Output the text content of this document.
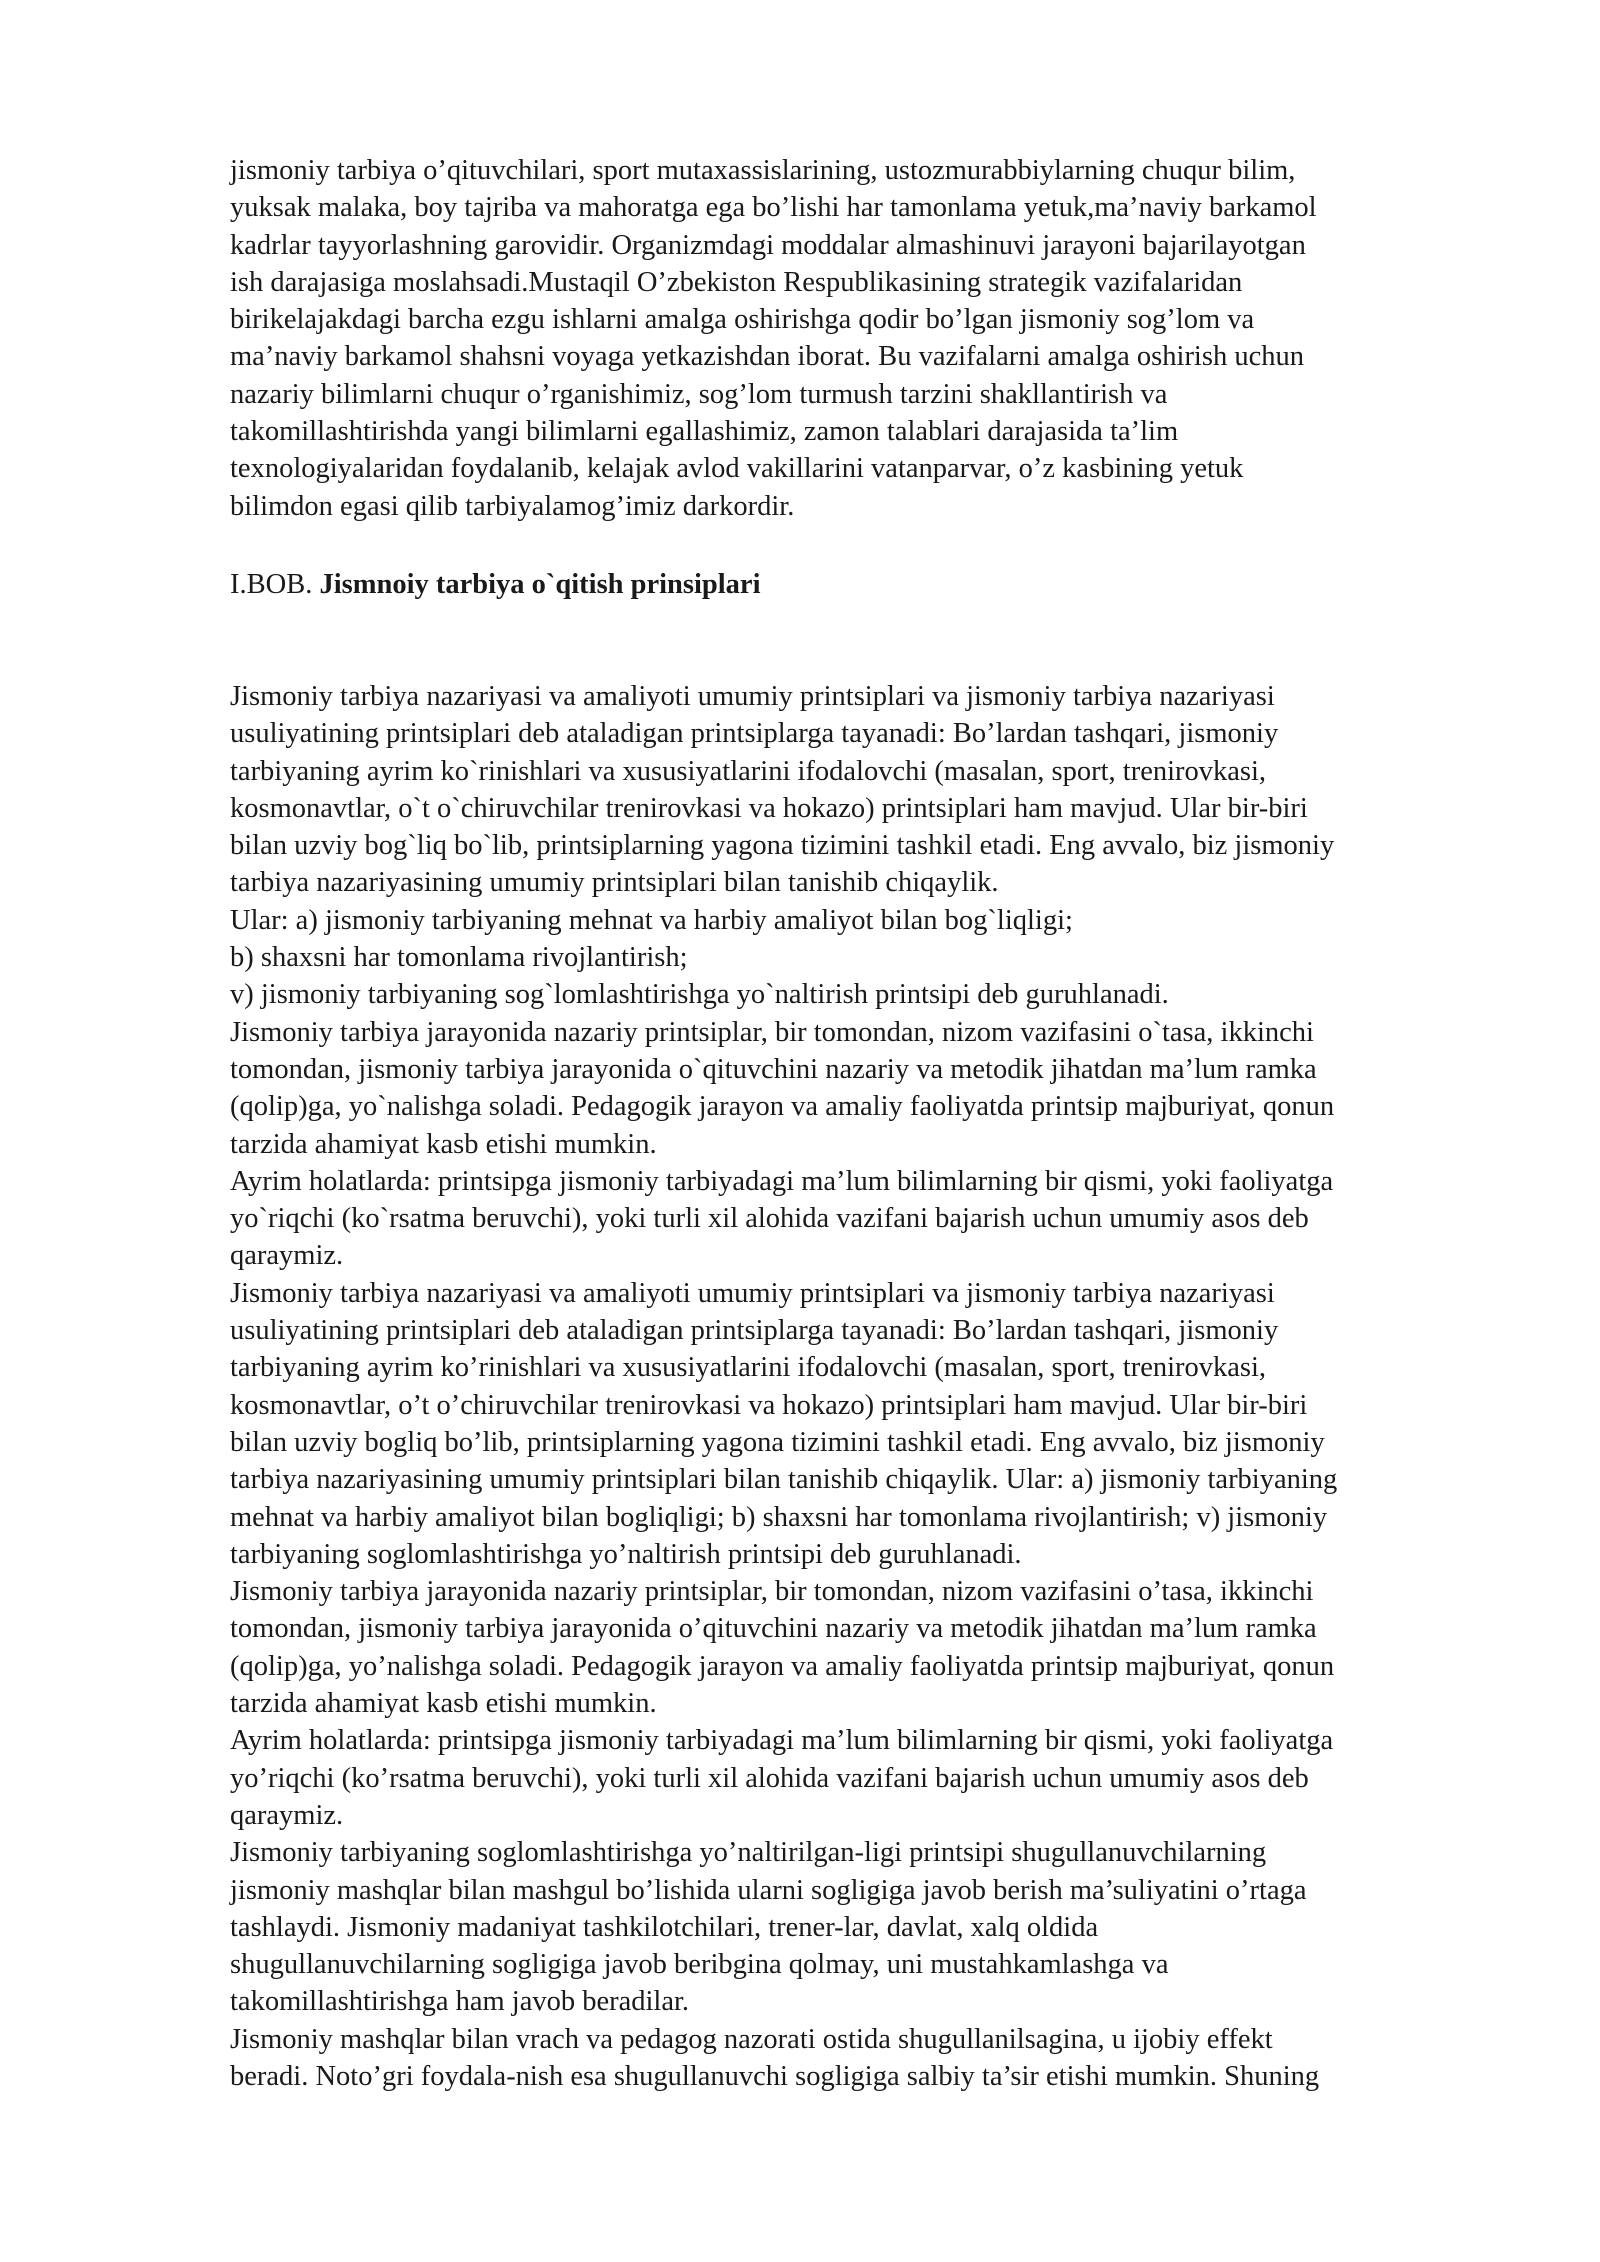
jismoniy tarbiya o’qituvchilari, sport mutaxassislarining, ustozmurabbiylarning chuqur bilim,
yuksak malaka, boy tajriba va mahoratga ega bo’lishi har tamonlama yetuk,ma’naviy barkamol
kadrlar tayyorlashning garovidir. Organizmdagi moddalar almashinuvi jarayoni bajarilayotgan
ish darajasiga moslahsadi.Mustaqil O’zbekiston Respublikasining strategik vazifalaridan
birikelajakdagi barcha ezgu ishlarni amalga oshirishga qodir bo’lgan jismoniy sog’lom va
ma’naviy barkamol shahsni voyaga yetkazishdan iborat. Bu vazifalarni amalga oshirish uchun
nazariy bilimlarni chuqur o’rganishimiz, sog’lom turmush tarzini shakllantirish va
takomillashtirishda yangi bilimlarni egallashimiz, zamon talablari darajasida ta’lim
texnologiyalaridan foydalanib, kelajak avlod vakillarini vatanparvar, o’z kasbining yetuk
bilimdon egasi qilib tarbiyalamog’imiz darkordir.
I.BOB. Jismnoiy tarbiya o`qitish prinsiplari
Jismoniy tarbiya nazariyasi va amaliyoti umumiy printsiplari va jismoniy tarbiya nazariyasi
usuliyatining printsiplari deb ataladigan printsiplarga tayanadi: Bo’lardan tashqari, jismoniy
tarbiyaning ayrim ko`rinishlari va xususiyatlarini ifodalovchi (masalan, sport, trenirovkasi,
kosmonavtlar, o`t o`chiruvchilar trenirovkasi va hokazo) printsiplari ham mavjud. Ular bir-biri
bilan uzviy bog`liq bo`lib, printsiplarning yagona tizimini tashkil etadi. Eng avvalo, biz jismoniy
tarbiya nazariyasining umumiy printsiplari bilan tanishib chiqaylik.
Ular: a) jismoniy tarbiyaning mehnat va harbiy amaliyot bilan bog`liqligi;
b) shaxsni har tomonlama rivojlantirish;
v) jismoniy tarbiyaning sog`lomlashtirishga yo`naltirish printsipi deb guruhlanadi.
Jismoniy tarbiya jarayonida nazariy printsiplar, bir tomondan, nizom vazifasini o`tasa, ikkinchi
tomondan, jismoniy tarbiya jarayonida o`qituvchini nazariy va metodik jihatdan ma’lum ramka
(qolip)ga, yo`nalishga soladi. Pedagogik jarayon va amaliy faoliyatda printsip majburiyat, qonun
tarzida ahamiyat kasb etishi mumkin.
Ayrim holatlarda: printsipga jismoniy tarbiyadagi ma’lum bilimlarning bir qismi, yoki faoliyatga
yo`riqchi (ko`rsatma beruvchi), yoki turli xil alohida vazifani bajarish uchun umumiy asos deb
qaraymiz.
Jismoniy tarbiya nazariyasi va amaliyoti umumiy printsiplari va jismoniy tarbiya nazariyasi
usuliyatining printsiplari deb ataladigan printsiplarga tayanadi: Bo’lardan tashqari, jismoniy
tarbiyaning ayrim ko’rinishlari va xususiyatlarini ifodalovchi (masalan, sport, trenirovkasi,
kosmonavtlar, o’t o’chiruvchilar trenirovkasi va hokazo) printsiplari ham mavjud. Ular bir-biri
bilan uzviy bogliq bo’lib, printsiplarning yagona tizimini tashkil etadi. Eng avvalo, biz jismoniy
tarbiya nazariyasining umumiy printsiplari bilan tanishib chiqaylik. Ular: a) jismoniy tarbiyaning
mehnat va harbiy amaliyot bilan bogliqligi; b) shaxsni har tomonlama rivojlantirish; v) jismoniy
tarbiyaning soglomlashtirishga yo’naltirish printsipi deb guruhlanadi.
Jismoniy tarbiya jarayonida nazariy printsiplar, bir tomondan, nizom vazifasini o’tasa, ikkinchi
tomondan, jismoniy tarbiya jarayonida o’qituvchini nazariy va metodik jihatdan ma’lum ramka
(qolip)ga, yo’nalishga soladi. Pedagogik jarayon va amaliy faoliyatda printsip majburiyat, qonun
tarzida ahamiyat kasb etishi mumkin.
Ayrim holatlarda: printsipga jismoniy tarbiyadagi ma’lum bilimlarning bir qismi, yoki faoliyatga
yo’riqchi (ko’rsatma beruvchi), yoki turli xil alohida vazifani bajarish uchun umumiy asos deb
qaraymiz.
Jismoniy tarbiyaning soglomlashtirishga yo’naltirilgan-ligi printsipi shugullanuvchilarning
jismoniy mashqlar bilan mashgul bo’lishida ularni sogligiga javob berish ma’suliyatini o’rtaga
tashlaydi. Jismoniy madaniyat tashkilotchilari, trener-lar, davlat, xalq oldida
shugullanuvchilarning sogligiga javob beribgina qolmay, uni mustahkamlashga va
takomillashtirishga ham javob beradilar.
Jismoniy mashqlar bilan vrach va pedagog nazorati ostida shugullanilsagina, u ijobiy effekt
beradi. Noto’gri foydala-nish esa shugullanuvchi sogligiga salbiy ta’sir etishi mumkin. Shuning
